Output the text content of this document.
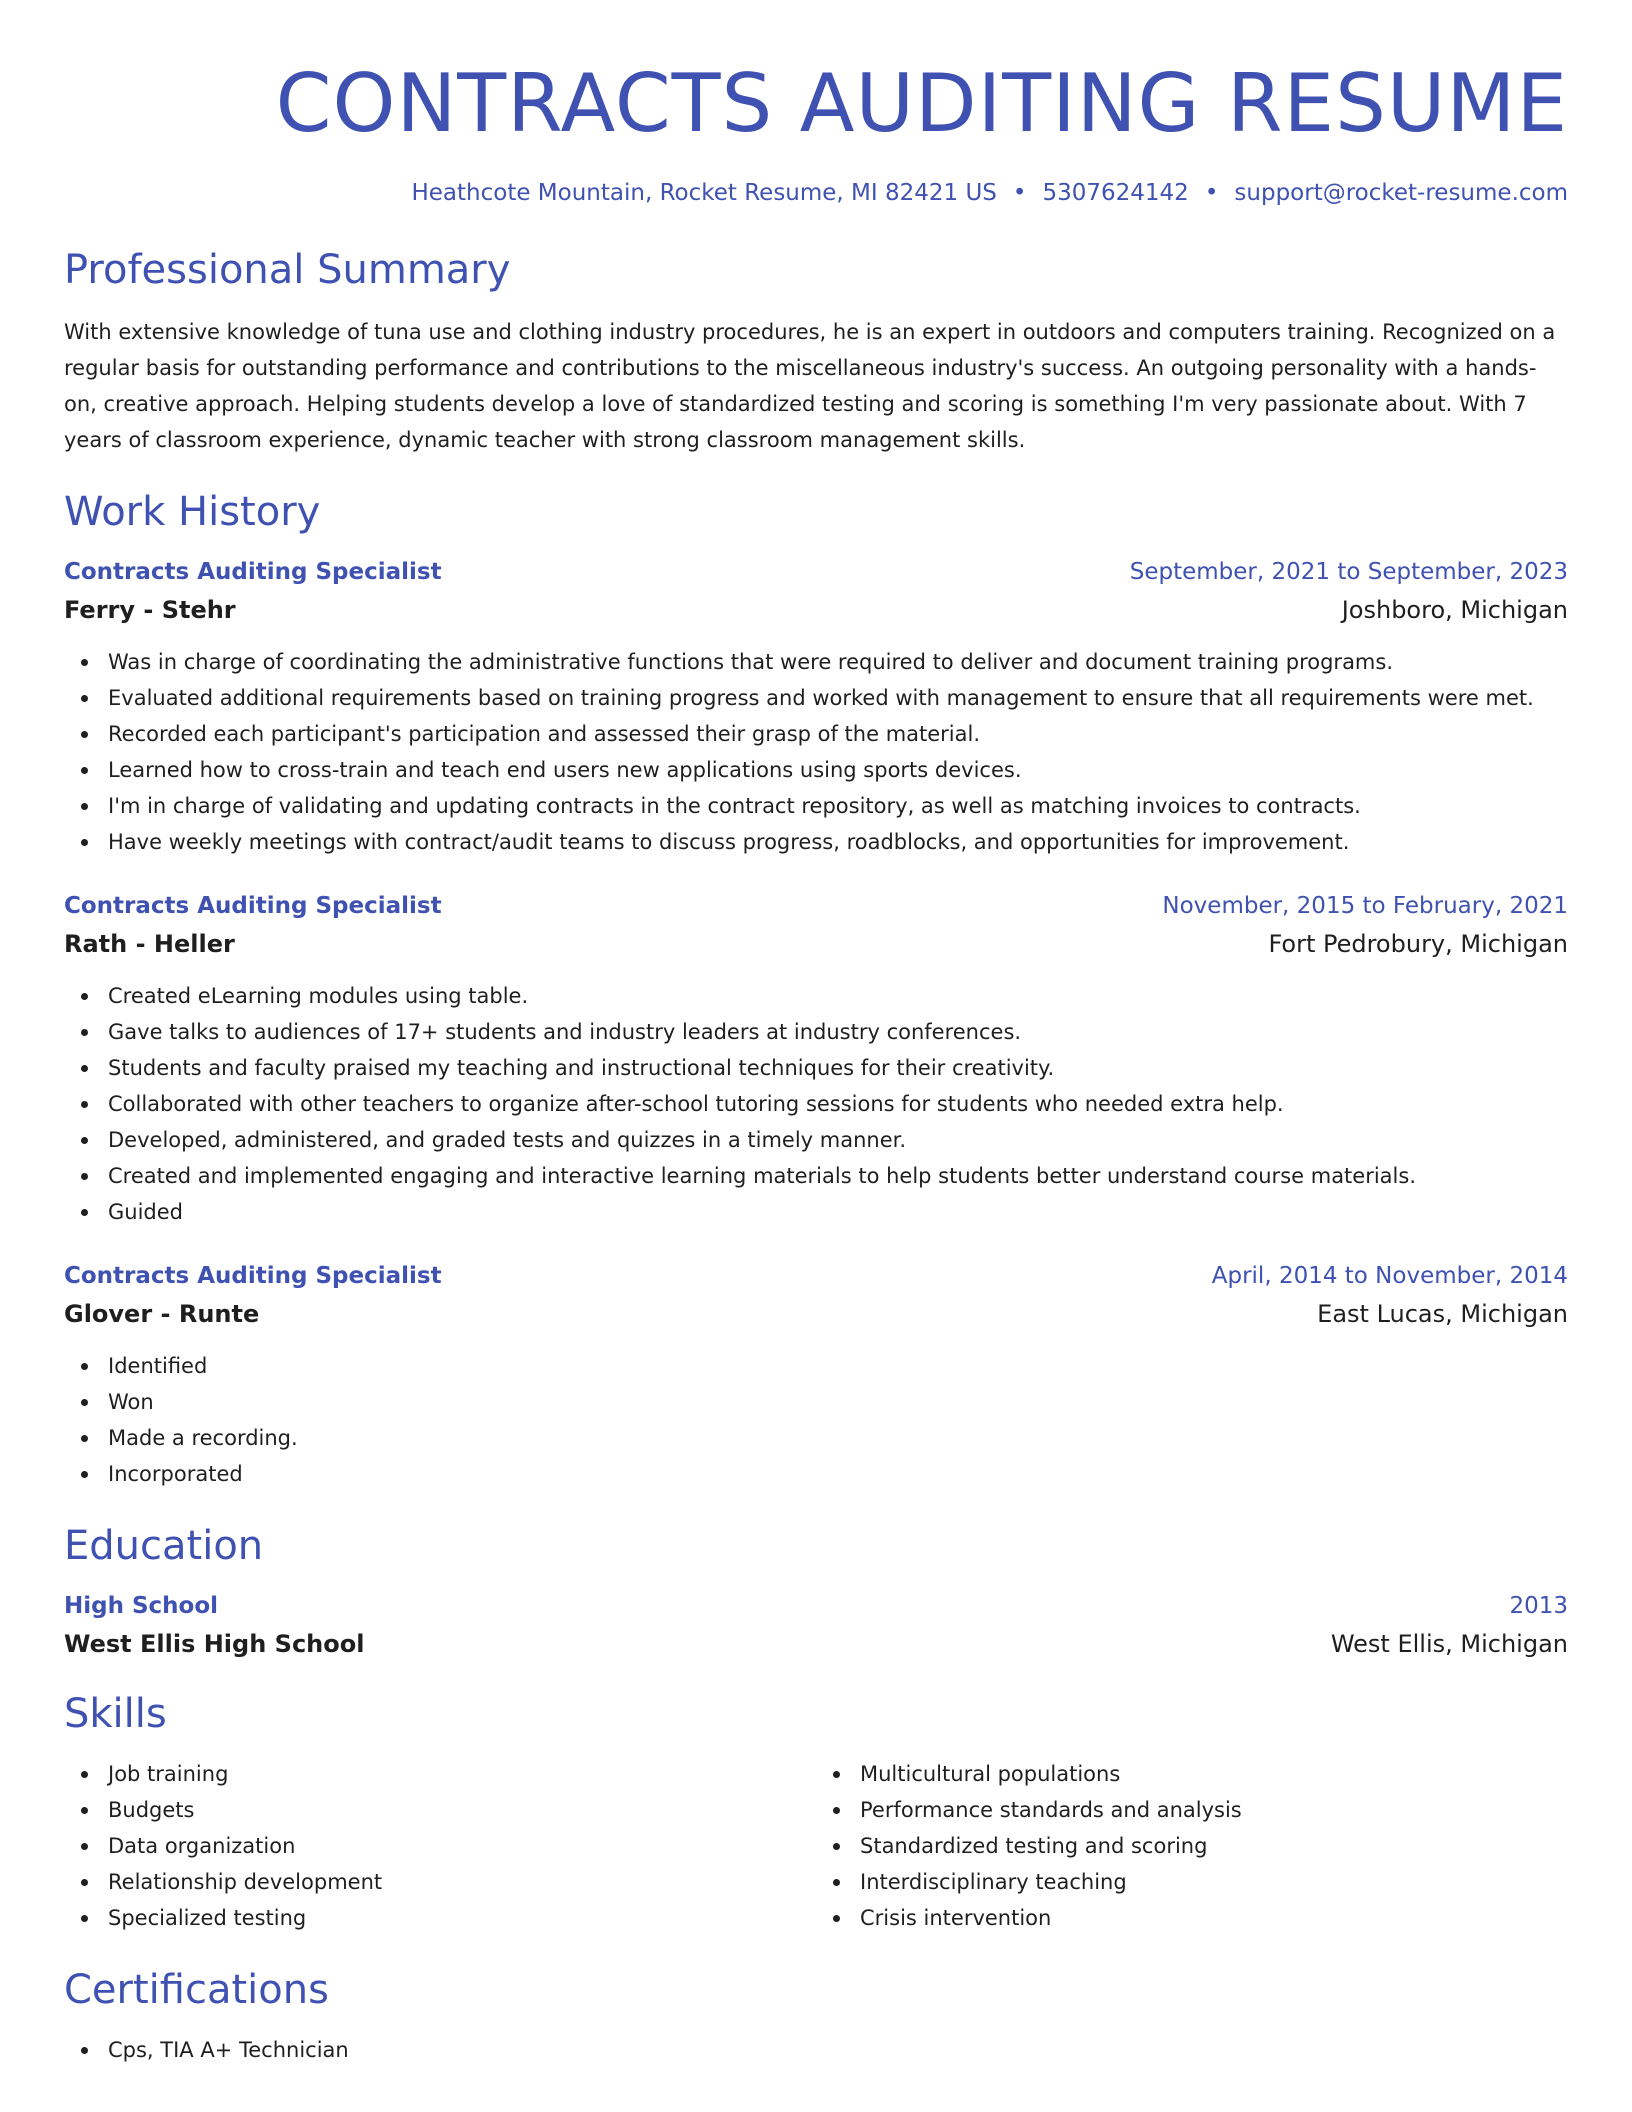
CONTRACTS AUDITING RESUME
Heathcote Mountain, Rocket Resume, MI 82421 US • 5307624142 • support@rocket-resume.com
Professional Summary

With extensive knowledge of tuna use and clothing industry procedures, he is an expert in outdoors and computers training. Recognized on a regular basis for outstanding performance and contributions to the miscellaneous industry's success. An outgoing personality with a hands-on, creative approach. Helping students develop a love of standardized testing and scoring is something I'm very passionate about. With 7 years of classroom experience, dynamic teacher with strong classroom management skills.

Work History
Contracts Auditing Specialist	September, 2021 to September, 2023
Ferry - Stehr	Joshboro, Michigan
Was in charge of coordinating the administrative functions that were required to deliver and document training programs.
Evaluated additional requirements based on training progress and worked with management to ensure that all requirements were met.
Recorded each participant's participation and assessed their grasp of the material.
Learned how to cross-train and teach end users new applications using sports devices.
I'm in charge of validating and updating contracts in the contract repository, as well as matching invoices to contracts.
Have weekly meetings with contract/audit teams to discuss progress, roadblocks, and opportunities for improvement.
Contracts Auditing Specialist	November, 2015 to February, 2021
Rath - Heller	Fort Pedrobury, Michigan
Created eLearning modules using table.
Gave talks to audiences of 17+ students and industry leaders at industry conferences.
Students and faculty praised my teaching and instructional techniques for their creativity.
Collaborated with other teachers to organize after-school tutoring sessions for students who needed extra help.
Developed, administered, and graded tests and quizzes in a timely manner.
Created and implemented engaging and interactive learning materials to help students better understand course materials.
Guided
Contracts Auditing Specialist	April, 2014 to November, 2014
Glover - Runte	East Lucas, Michigan
Identified
Won
Made a recording.
Incorporated
Education
High School	2013
West Ellis High School	West Ellis, Michigan
Skills
Job training
Budgets
Data organization
Relationship development
Specialized testing
Multicultural populations
Performance standards and analysis
Standardized testing and scoring
Interdisciplinary teaching
Crisis intervention
Certifications
Cps, TIA A+ Technician
